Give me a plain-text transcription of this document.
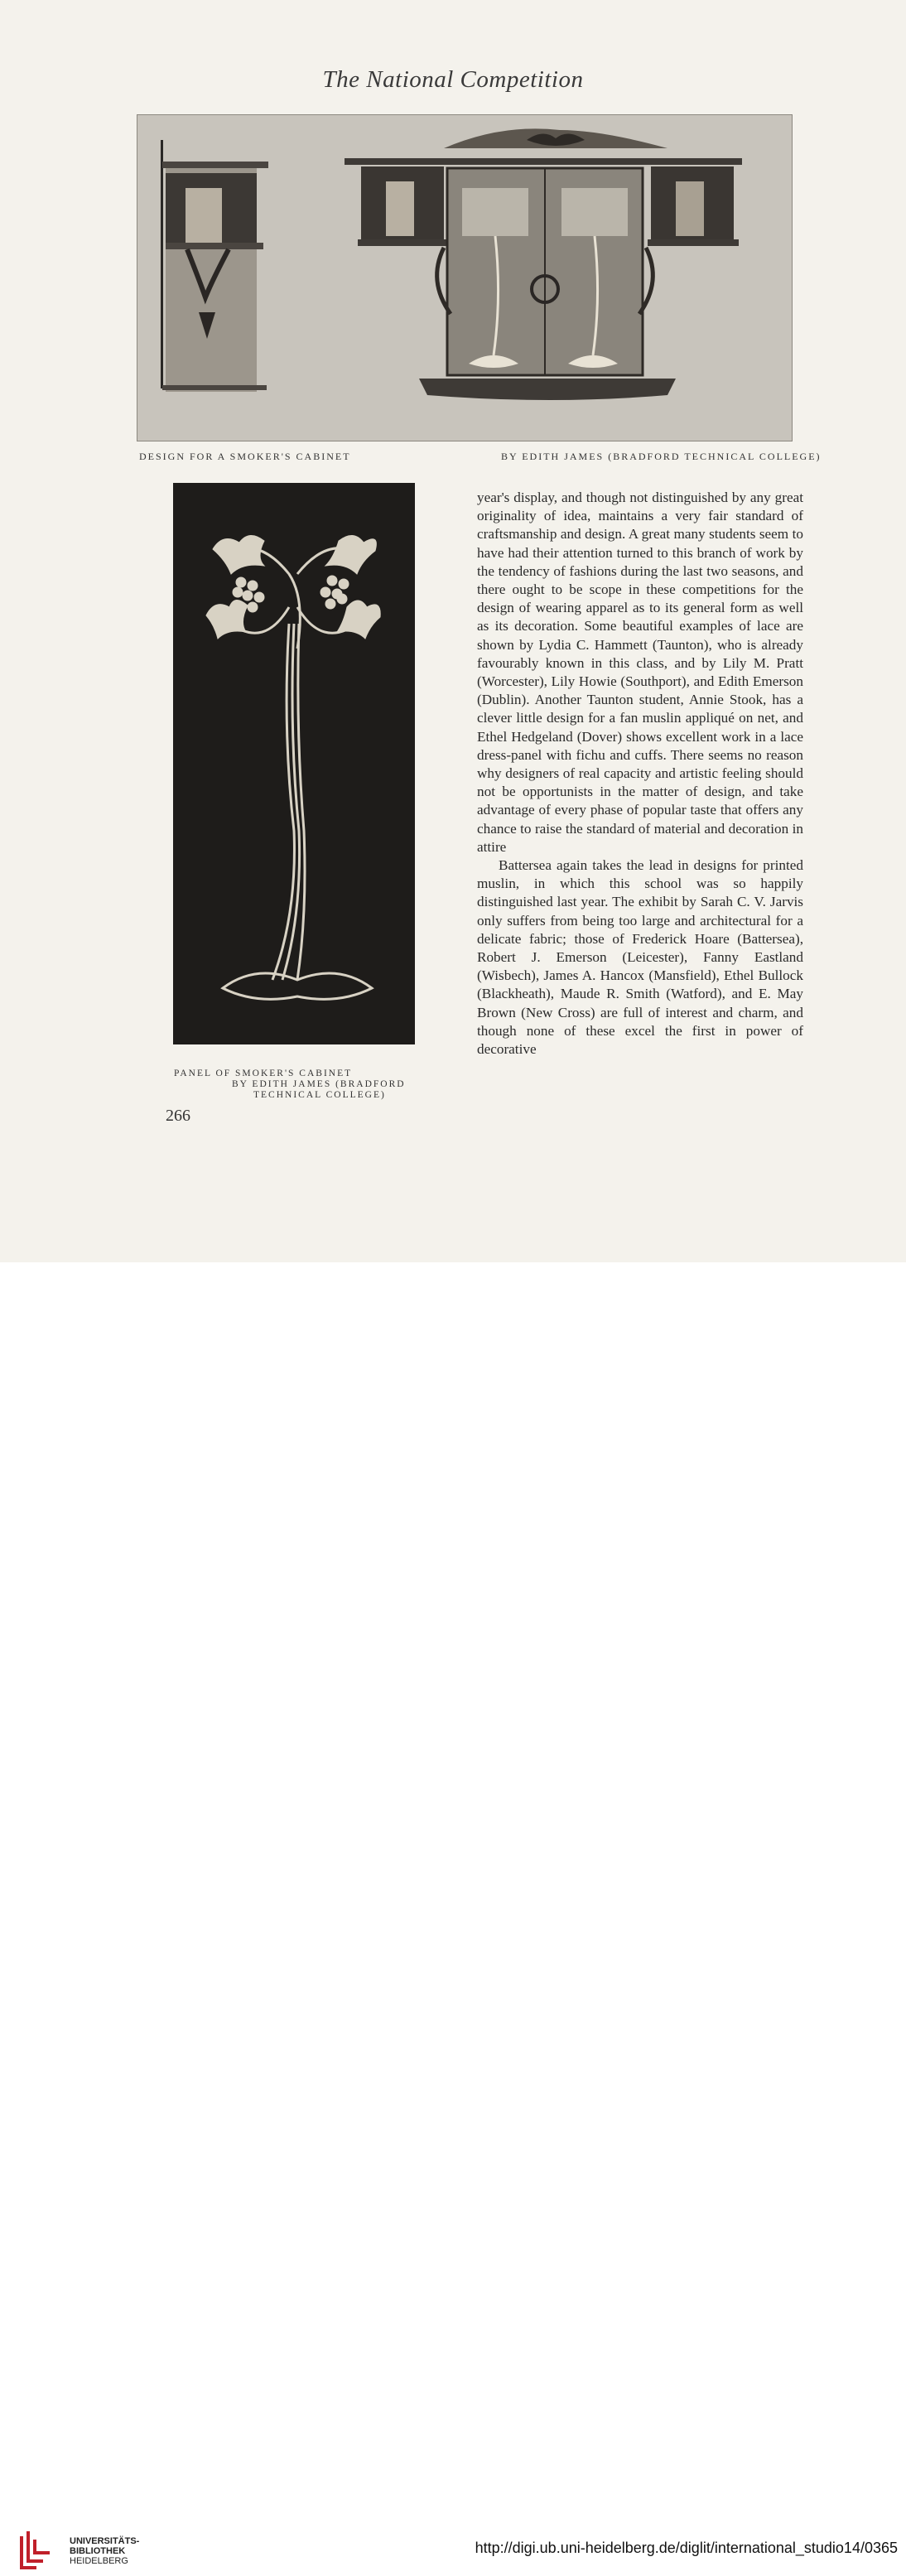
The National Competition
DESIGN FOR A SMOKER'S CABINET	BY EDITH JAMES (BRADFORD TECHNICAL COLLEGE)
PANEL OF SMOKER'S CABINET
BY EDITH JAMES (BRADFORD
TECHNICAL COLLEGE)

year's display, and though not distinguished by any great originality of idea, maintains a very fair standard of craftsmanship and design. A great many students seem to have had their attention turned to this branch of work by the tendency of fashions during the last two seasons, and there ought to be scope in these competitions for the design of wearing apparel as to its general form as well as its decoration. Some beautiful examples of lace are shown by Lydia C. Hammett (Taunton), who is already favourably known in this class, and by Lily M. Pratt (Worcester), Lily Howie (Southport), and Edith Emerson (Dublin). Another Taunton student, Annie Stook, has a clever little design for a fan muslin appliqué on net, and Ethel Hedgeland (Dover) shows excellent work in a lace dress-panel with fichu and cuffs. There seems no reason why designers of real capacity and artistic feeling should not be opportunists in the matter of design, and take advantage of every phase of popular taste that offers any chance to raise the standard of material and decoration in attire

Battersea again takes the lead in designs for printed muslin, in which this school was so happily distinguished last year. The exhibit by Sarah C. V. Jarvis only suffers from being too large and architectural for a delicate fabric; those of Frederick Hoare (Battersea), Robert J. Emerson (Leicester), Fanny Eastland (Wisbech), James A. Hancox (Mansfield), Ethel Bullock (Blackheath), Maude R. Smith (Watford), and E. May Brown (New Cross) are full of interest and charm, and though none of these excel the first in power of decorative

266
UNIVERSITÄTS-
BIBLIOTHEK
HEIDELBERG
http://digi.ub.uni-heidelberg.de/diglit/international_studio14/0365
